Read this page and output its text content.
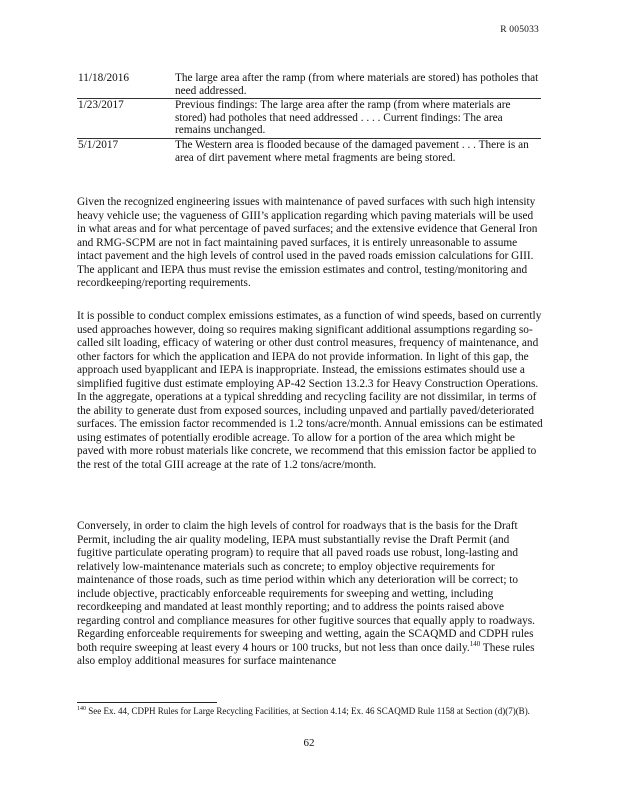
R 005033
11/18/2016	The large area after the ramp (from where materials are stored) has potholes that need addressed.
1/23/2017	Previous findings: The large area after the ramp (from where materials are stored) had potholes that need addressed . . . . Current findings: The area remains unchanged.
5/1/2017	The Western area is flooded because of the damaged pavement . . . There is an area of dirt pavement where metal fragments are being stored.

Given the recognized engineering issues with maintenance of paved surfaces with such high intensity heavy vehicle use; the vagueness of GIII’s application regarding which paving materials will be used in what areas and for what percentage of paved surfaces; and the extensive evidence that General Iron and RMG-SCPM are not in fact maintaining paved surfaces, it is entirely unreasonable to assume intact pavement and the high levels of control used in the paved roads emission calculations for GIII. The applicant and IEPA thus must revise the emission estimates and control, testing/monitoring and recordkeeping/reporting requirements.

It is possible to conduct complex emissions estimates, as a function of wind speeds, based on currently used approaches however, doing so requires making significant additional assumptions regarding so-called silt loading, efficacy of watering or other dust control measures, frequency of maintenance, and other factors for which the application and IEPA do not provide information. In light of this gap, the approach used byapplicant and IEPA is inappropriate. Instead, the emissions estimates should use a simplified fugitive dust estimate employing AP-42 Section 13.2.3 for Heavy Construction Operations. In the aggregate, operations at a typical shredding and recycling facility are not dissimilar, in terms of the ability to generate dust from exposed sources, including unpaved and partially paved/deteriorated surfaces. The emission factor recommended is 1.2 tons/acre/month. Annual emissions can be estimated using estimates of potentially erodible acreage. To allow for a portion of the area which might be paved with more robust materials like concrete, we recommend that this emission factor be applied to the rest of the total GIII acreage at the rate of 1.2 tons/acre/month.

Conversely, in order to claim the high levels of control for roadways that is the basis for the Draft Permit, including the air quality modeling, IEPA must substantially revise the Draft Permit (and fugitive particulate operating program) to require that all paved roads use robust, long-lasting and relatively low-maintenance materials such as concrete; to employ objective requirements for maintenance of those roads, such as time period within which any deterioration will be correct; to include objective, practicably enforceable requirements for sweeping and wetting, including recordkeeping and mandated at least monthly reporting; and to address the points raised above regarding control and compliance measures for other fugitive sources that equally apply to roadways. Regarding enforceable requirements for sweeping and wetting, again the SCAQMD and CDPH rules both require sweeping at least every 4 hours or 100 trucks, but not less than once daily.$^{140}$ These rules also employ additional measures for surface maintenance

$^{140}$ See Ex. 44, CDPH Rules for Large Recycling Facilities, at Section 4.14; Ex. 46 SCAQMD Rule 1158 at Section (d)(7)(B).
62
